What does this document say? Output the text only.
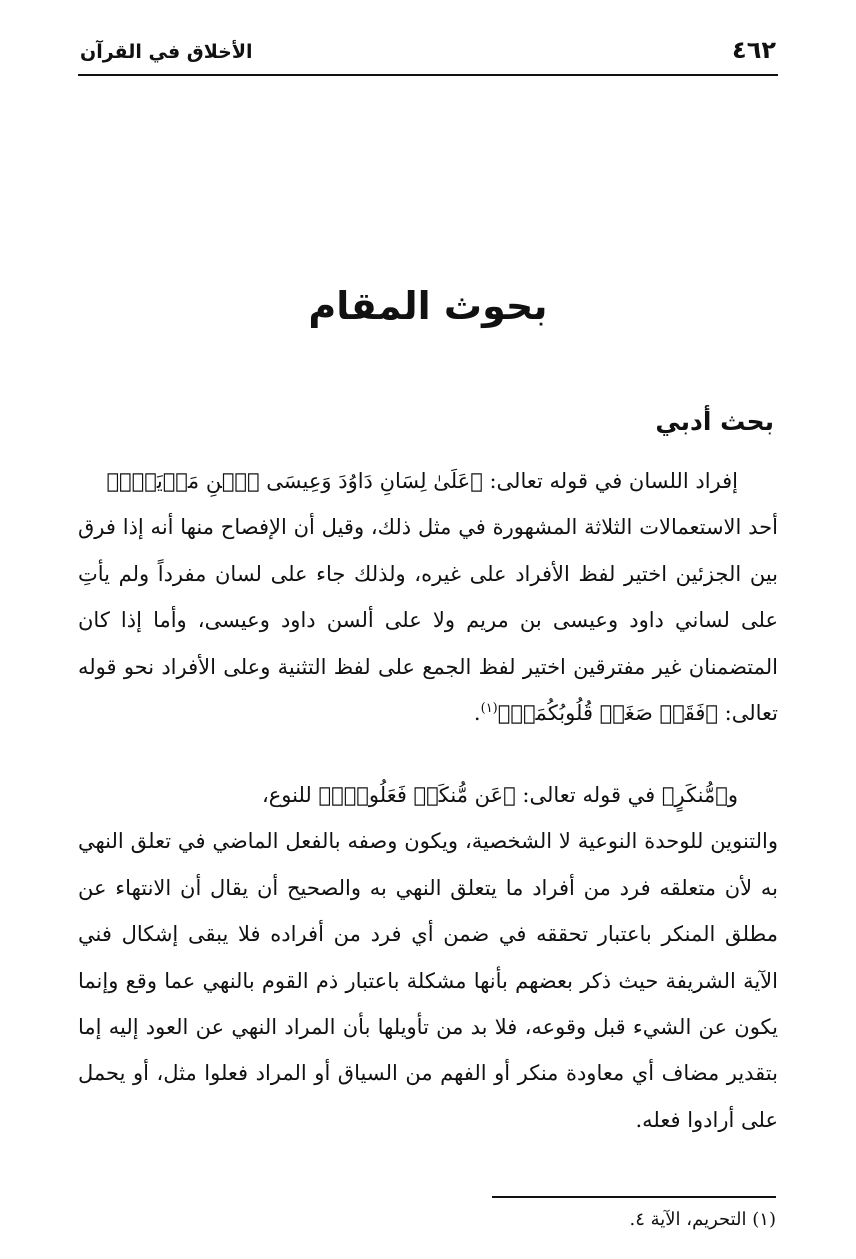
٤٦٢
الأخلاق في القرآن
بحوث المقام
بحث أدبي
إفراد اللسان في قوله تعالى: ﴿عَلَىٰ لِسَانِ دَاوُدَ وَعِيسَى ٱبۡنِ مَرۡيَمَۚ﴾
أحد الاستعمالات الثلاثة المشهورة في مثل ذلك، وقيل أن الإفصاح منها أنه إذا فرق بين الجزئين اختير لفظ الأفراد على غيره، ولذلك جاء على لسان مفرداً ولم يأتِ على لساني داود وعيسى بن مريم ولا على ألسن داود وعيسى، وأما إذا كان المتضمنان غير مفترقين اختير لفظ الجمع على لفظ التثنية وعلى الأفراد نحو قوله تعالى: ﴿فَقَدۡ صَغَتۡ قُلُوبُكُمَاۖ﴾$^{(١)}$.
و﴿مُّنكَرٍ﴾ في قوله تعالى: ﴿عَن مُّنكَرٖ فَعَلُوهُۚ﴾ للنوع،
والتنوين للوحدة النوعية لا الشخصية، ويكون وصفه بالفعل الماضي في تعلق النهي به لأن متعلقه فرد من أفراد ما يتعلق النهي به والصحيح أن يقال أن الانتهاء عن مطلق المنكر باعتبار تحققه في ضمن أي فرد من أفراده فلا يبقى إشكال فني الآية الشريفة حيث ذكر بعضهم بأنها مشكلة باعتبار ذم القوم بالنهي عما وقع وإنما يكون عن الشيء قبل وقوعه، فلا بد من تأويلها بأن المراد النهي عن العود إليه إما بتقدير مضاف أي معاودة منكر أو الفهم من السياق أو المراد فعلوا مثل، أو يحمل على أرادوا فعله.
(١) التحريم، الآية ٤.
